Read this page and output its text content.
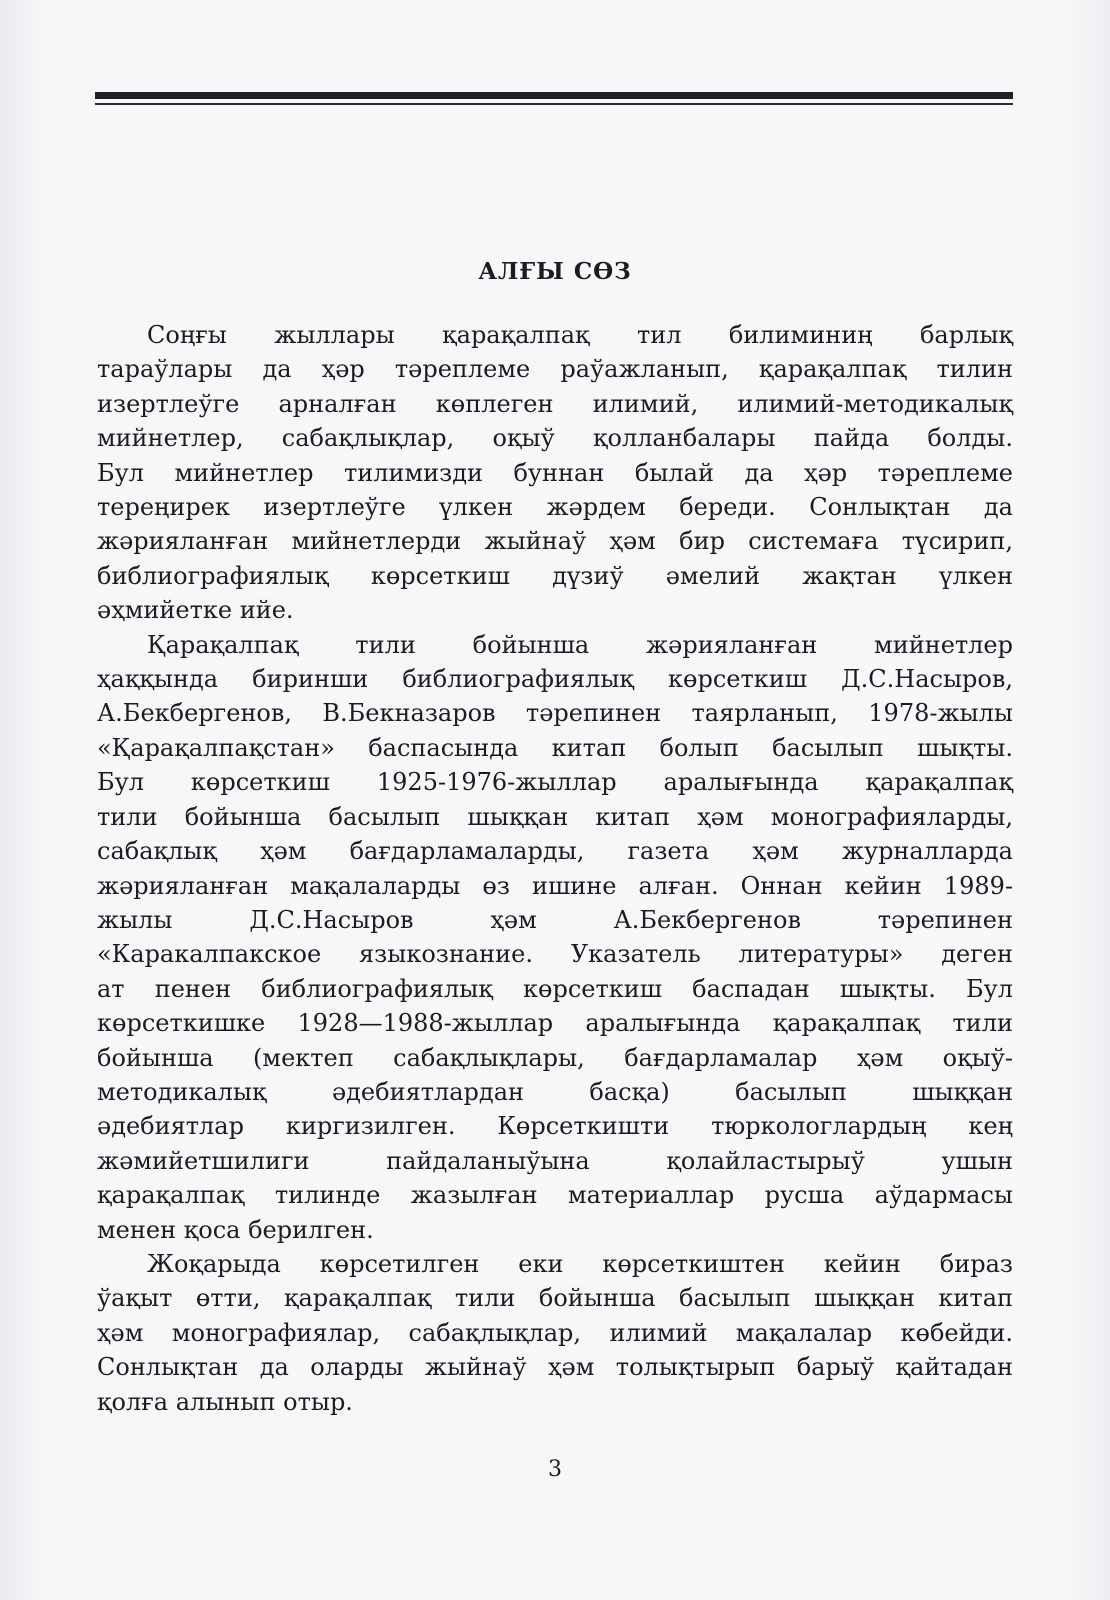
АЛҒЫ СӨЗ
Соңғы жыллары қарақалпақ тил билиминиң барлық
тараўлары да ҳәр тәреплеме раўажланып, қарақалпақ тилин
изертлеўге арналған көплеген илимий, илимий-методикалық
мийнетлер, сабақлықлар, оқыў қолланбалары пайда болды.
Бул мийнетлер тилимизди буннан былай да ҳәр тәреплеме
тереңирек изертлеўге үлкен жәрдем береди. Сонлықтан да
жәрияланған мийнетлерди жыйнаў ҳәм бир системаға түсирип,
библиографиялық көрсеткиш дүзиў әмелий жақтан үлкен
әҳмийетке ийе.
Қарақалпақ тили бойынша жәрияланған мийнетлер
ҳаққында биринши библиографиялық көрсеткиш Д.С.Насыров,
А.Бекбергенов, В.Бекназаров тәрепинен таярланып, 1978-жылы
«Қарақалпақстан» баспасында китап болып басылып шықты.
Бул көрсеткиш 1925-1976-жыллар аралығында қарақалпақ
тили бойынша басылып шыққан китап ҳәм монографияларды,
сабақлық ҳәм бағдарламаларды, газета ҳәм журналларда
жәрияланған мақалаларды өз ишине алған. Оннан кейин 1989-
жылы Д.С.Насыров ҳәм А.Бекбергенов тәрепинен
«Каракалпакское языкознание. Указатель литературы» деген
ат пенен библиографиялық көрсеткиш баспадан шықты. Бул
көрсеткишке 1928—1988-жыллар аралығында қарақалпақ тили
бойынша (мектеп сабақлықлары, бағдарламалар ҳәм оқыў-
методикалық әдебиятлардан басқа) басылып шыққан
әдебиятлар киргизилген. Көрсеткишти тюркологлардың кең
жәмийетшилиги пайдаланыўына қолайластырыў ушын
қарақалпақ тилинде жазылған материаллар русша аўдармасы
менен қоса берилген.
Жоқарыда көрсетилген еки көрсеткиштен кейин бираз
ўақыт өтти, қарақалпақ тили бойынша басылып шыққан китап
ҳәм монографиялар, сабақлықлар, илимий мақалалар көбейди.
Сонлықтан да оларды жыйнаў ҳәм толықтырып барыў қайтадан
қолға алынып отыр.
3
